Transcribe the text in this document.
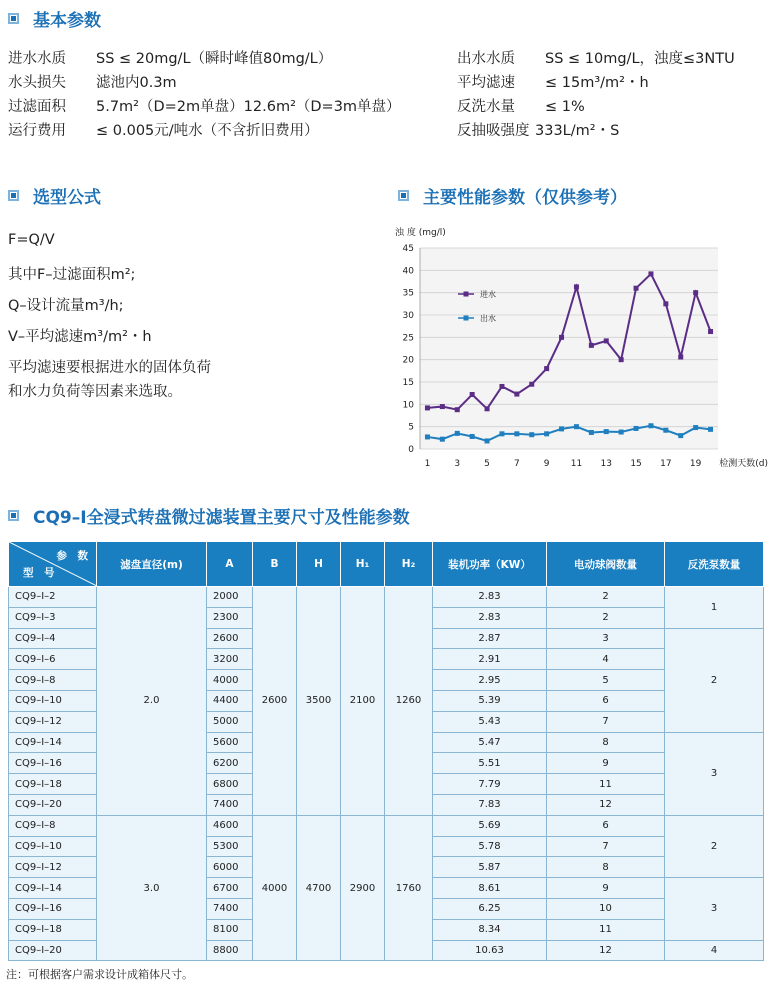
基本参数
进水水质 SS ≤ 20mg/L（瞬时峰值80mg/L）
水头损失 滤池内0.3m
过滤面积 5.7m²（D=2m单盘）12.6m²（D=3m单盘）
运行费用 ≤ 0.005元/吨水（不含折旧费用）
出水水质 SS ≤ 10mg/L，浊度≤3NTU
平均滤速 ≤ 15m³/m²・h
反洗水量 ≤ 1%
反抽吸强度 333L/m²・S
选型公式
F=Q/V
其中F–过滤面积m²;
Q–设计流量m³/h;
V–平均滤速m³/m²・h
平均滤速要根据进水的固体负荷
和水力负荷等因素来选取。
主要性能参数（仅供参考）
0
5
10
15
20
25
30
35
40
45
1	3	5	7	9 11 13 15 17 19
浊 度 (mg/l)
检测天数(d)
进水
出水
CQ9–Ⅰ全浸式转盘微过滤装置主要尺寸及性能参数
参　数
型　号	滤盘直径(m)	A	B	H	H₁	H₂	装机功率（KW）	电动球阀数量	反洗泵数量
CQ9–Ⅰ–2	2.0	2000	2600	3500	2100	1260	2.83	2	1
CQ9–Ⅰ–3		2300					2.83	2	
CQ9–Ⅰ–4		2600					2.87	3	2
CQ9–Ⅰ–6		3200					2.91	4	
CQ9–Ⅰ–8		4000					2.95	5	
CQ9–Ⅰ–10		4400					5.39	6	
CQ9–Ⅰ–12		5000					5.43	7	
CQ9–Ⅰ–14		5600					5.47	8	3
CQ9–Ⅰ–16		6200					5.51	9	
CQ9–Ⅰ–18		6800					7.79	11	
CQ9–Ⅰ–20		7400					7.83	12	
CQ9–Ⅰ–8	3.0	4600	4000	4700	2900	1760	5.69	6	2
CQ9–Ⅰ–10		5300					5.78	7	
CQ9–Ⅰ–12		6000					5.87	8	
CQ9–Ⅰ–14		6700					8.61	9	3
CQ9–Ⅰ–16		7400					6.25	10	
CQ9–Ⅰ–18		8100					8.34	11	
CQ9–Ⅰ–20		8800					10.63	12	4
注：可根据客户需求设计成箱体尺寸。
